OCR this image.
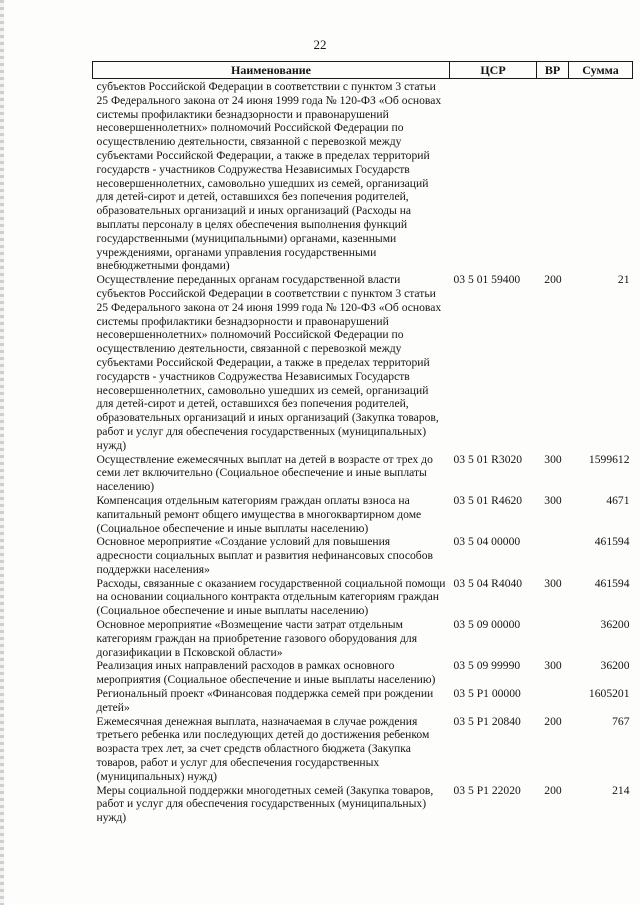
22
Наименование	ЦСР	ВР	Сумма
субъектов Российской Федерации в соответствии с пунктом 3 статьи 25 Федерального закона от 24 июня 1999 года № 120-ФЗ «Об основах системы профилактики безнадзорности и правонарушений несовершеннолетних» полномочий Российской Федерации по осуществлению деятельности, связанной с перевозкой между субъектами Российской Федерации, а также в пределах территорий государств - участников Содружества Независимых Государств несовершеннолетних, самовольно ушедших из семей, организаций для детей-сирот и детей, оставшихся без попечения родителей, образовательных организаций и иных организаций (Расходы на выплаты персоналу в целях обеспечения выполнения функций государственными (муниципальными) органами, казенными учреждениями, органами управления государственными внебюджетными фондами)			
Осуществление переданных органам государственной власти субъектов Российской Федерации в соответствии с пунктом 3 статьи 25 Федерального закона от 24 июня 1999 года № 120-ФЗ «Об основах системы профилактики безнадзорности и правонарушений несовершеннолетних» полномочий Российской Федерации по осуществлению деятельности, связанной с перевозкой между субъектами Российской Федерации, а также в пределах территорий государств - участников Содружества Независимых Государств несовершеннолетних, самовольно ушедших из семей, организаций для детей-сирот и детей, оставшихся без попечения родителей, образовательных организаций и иных организаций (Закупка товаров, работ и услуг для обеспечения государственных (муниципальных) нужд)	03 5 01 59400	200	21
Осуществление ежемесячных выплат на детей в возрасте от трех до семи лет включительно (Социальное обеспечение и иные выплаты населению)	03 5 01 R3020	300	1599612
Компенсация отдельным категориям граждан оплаты взноса на капитальный ремонт общего имущества в многоквартирном доме (Социальное обеспечение и иные выплаты населению)	03 5 01 R4620	300	4671
Основное мероприятие «Создание условий для повышения адресности социальных выплат и развития нефинансовых способов поддержки населения»	03 5 04 00000		461594
Расходы, связанные с оказанием государственной социальной помощи на основании социального контракта отдельным категориям граждан (Социальное обеспечение и иные выплаты населению)	03 5 04 R4040	300	461594
Основное мероприятие «Возмещение части затрат отдельным категориям граждан на приобретение газового оборудования для догазификации в Псковской области»	03 5 09 00000		36200
Реализация иных направлений расходов в рамках основного мероприятия (Социальное обеспечение и иные выплаты населению)	03 5 09 99990	300	36200
Региональный проект «Финансовая поддержка семей при рождении детей»	03 5 P1 00000		1605201
Ежемесячная денежная выплата, назначаемая в случае рождения третьего ребенка или последующих детей до достижения ребенком возраста трех лет, за счет средств областного бюджета (Закупка товаров, работ и услуг для обеспечения государственных (муниципальных) нужд)	03 5 P1 20840	200	767
Меры социальной поддержки многодетных семей (Закупка товаров, работ и услуг для обеспечения государственных (муниципальных) нужд)	03 5 P1 22020	200	214
